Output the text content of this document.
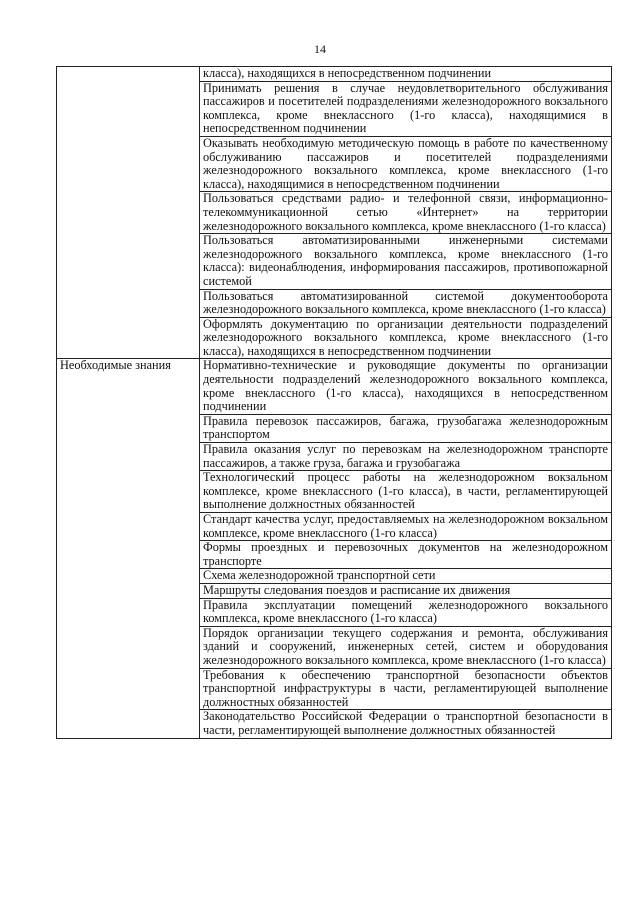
14
	класса), находящихся в непосредственном подчинении
	Принимать решения в случае неудовлетворительного обслуживания пассажиров и посетителей подразделениями железнодорожного вокзального комплекса, кроме внеклассного (1-го класса), находящимися в непосредственном подчинении
	Оказывать необходимую методическую помощь в работе по качественному обслуживанию пассажиров и посетителей подразделениями железнодорожного вокзального комплекса, кроме внеклассного (1-го класса), находящимися в непосредственном подчинении
	Пользоваться средствами радио- и телефонной связи, информационно-телекоммуникационной сетью «Интернет» на территории железнодорожного вокзального комплекса, кроме внеклассного (1-го класса)
	Пользоваться автоматизированными инженерными системами железнодорожного вокзального комплекса, кроме внеклассного (1-го класса): видеонаблюдения, информирования пассажиров, противопожарной системой
	Пользоваться автоматизированной системой документооборота железнодорожного вокзального комплекса, кроме внеклассного (1-го класса)
	Оформлять документацию по организации деятельности подразделений железнодорожного вокзального комплекса, кроме внеклассного (1-го класса), находящихся в непосредственном подчинении
Необходимые знания	Нормативно-технические и руководящие документы по организации деятельности подразделений железнодорожного вокзального комплекса, кроме внеклассного (1-го класса), находящихся в непосредственном подчинении
	Правила перевозок пассажиров, багажа, грузобагажа железнодорожным транспортом
	Правила оказания услуг по перевозкам на железнодорожном транспорте пассажиров, а также груза, багажа и грузобагажа
	Технологический процесс работы на железнодорожном вокзальном комплексе, кроме внеклассного (1-го класса), в части, регламентирующей выполнение должностных обязанностей
	Стандарт качества услуг, предоставляемых на железнодорожном вокзальном комплексе, кроме внеклассного (1-го класса)
	Формы проездных и перевозочных документов на железнодорожном транспорте
	Схема железнодорожной транспортной сети
	Маршруты следования поездов и расписание их движения
	Правила эксплуатации помещений железнодорожного вокзального комплекса, кроме внеклассного (1-го класса)
	Порядок организации текущего содержания и ремонта, обслуживания зданий и сооружений, инженерных сетей, систем и оборудования железнодорожного вокзального комплекса, кроме внеклассного (1-го класса)
	Требования к обеспечению транспортной безопасности объектов транспортной инфраструктуры в части, регламентирующей выполнение должностных обязанностей
	Законодательство Российской Федерации о транспортной безопасности в части, регламентирующей выполнение должностных обязанностей
